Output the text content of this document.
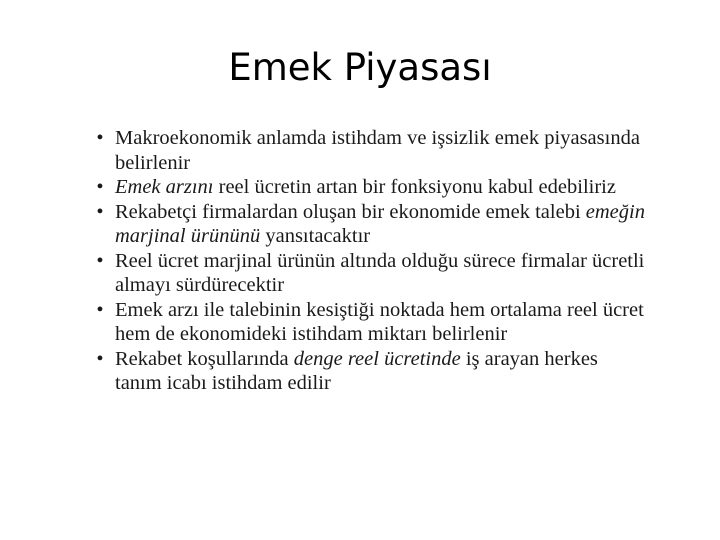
Emek Piyasası
• Makroekonomik anlamda istihdam ve işsizlik emek piyasasında belirlenir
• Emek arzını reel ücretin artan bir fonksiyonu kabul edebiliriz
• Rekabetçi firmalardan oluşan bir ekonomide emek talebi emeğin marjinal ürününü yansıtacaktır
• Reel ücret marjinal ürünün altında olduğu sürece firmalar ücretli almayı sürdürecektir
• Emek arzı ile talebinin kesiştiği noktada hem ortalama reel ücret hem de ekonomideki istihdam miktarı belirlenir
• Rekabet koşullarında denge reel ücretinde iş arayan herkes tanım icabı istihdam edilir
